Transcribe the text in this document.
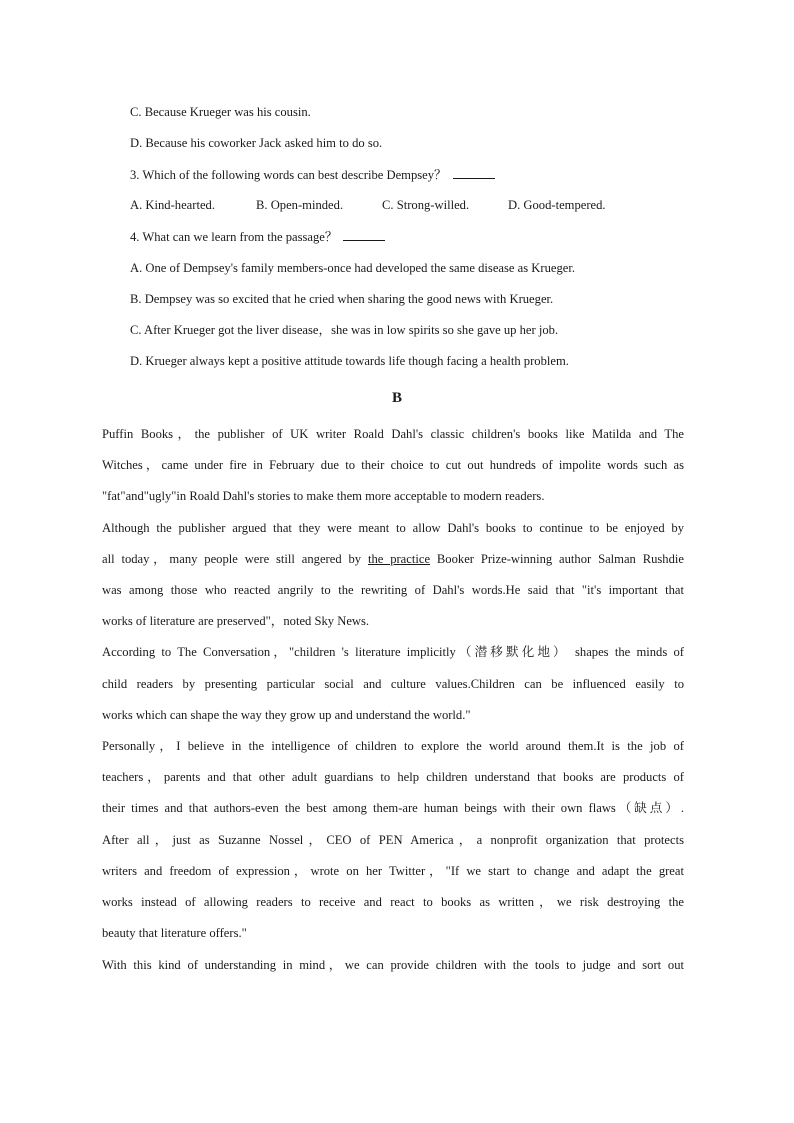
C. Because Krueger was his cousin.
D. Because his coworker Jack asked him to do so.
3. Which of the following words can best describe Dempsey？
A. Kind-hearted.	B. Open-minded.	C. Strong-willed.	D. Good-tempered.
4. What can we learn from the passage？
A. One of Dempsey's family members-once had developed the same disease as Krueger.
B. Dempsey was so excited that he cried when sharing the good news with Krueger.
C. After Krueger got the liver disease，she was in low spirits so she gave up her job.
D. Krueger always kept a positive attitude towards life though facing a health problem.
B
Puffin Books，the publisher of UK writer Roald Dahl's classic children's books like Matilda and The
Witches，came under fire in February due to their choice to cut out hundreds of impolite words such as
"fat"and"ugly"in Roald Dahl's stories to make them more acceptable to modern readers.
Although the publisher argued that they were meant to allow Dahl's books to continue to be enjoyed by
all today，many people were still angered by the practice Booker Prize-winning author Salman Rushdie
was among those who reacted angrily to the rewriting of Dahl's words.He said that "it's important that
works of literature are preserved"，noted Sky News.
According to The Conversation，"children 's literature implicitly（潜移默化地） shapes the minds of
child readers by presenting particular social and culture values.Children can be influenced easily to
works which can shape the way they grow up and understand the world."
Personally，I believe in the intelligence of children to explore the world around them.It is the job of
teachers，parents and that other adult guardians to help children understand that books are products of
their times and that authors-even the best among them-are human beings with their own flaws（缺点）.
After all，just as Suzanne Nossel，CEO of PEN America，a nonprofit organization that protects
writers and freedom of expression，wrote on her Twitter，"If we start to change and adapt the great
works instead of allowing readers to receive and react to books as written，we risk destroying the
beauty that literature offers."
With this kind of understanding in mind，we can provide children with the tools to judge and sort out
